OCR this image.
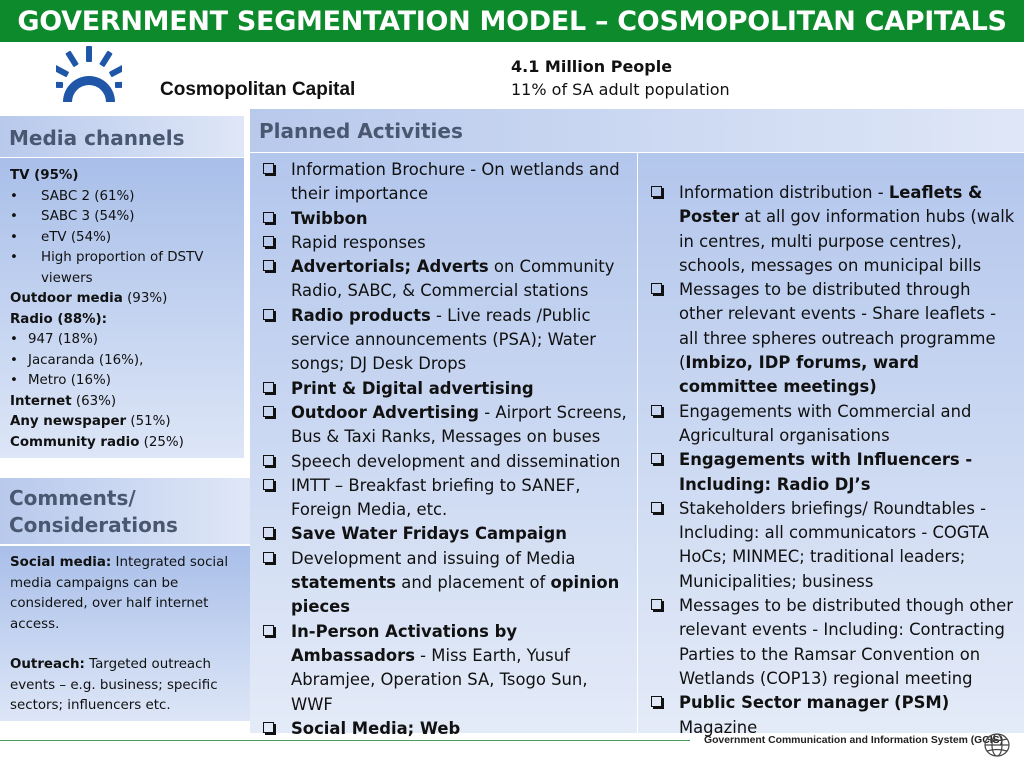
GOVERNMENT SEGMENTATION MODEL – COSMOPOLITAN CAPITALS
Cosmopolitan Capital
4.1 Million People
11% of SA adult population
Media channels
TV (95%)
• SABC 2 (61%)
• SABC 3 (54%)
• eTV (54%)
• High proportion of DSTV viewers
Outdoor media (93%)
Radio (88%):
• 947 (18%)
• Jacaranda (16%),
• Metro (16%)
Internet (63%)
Any newspaper (51%)
Community radio (25%)
Comments/
Considerations
Social media: Integrated social media campaigns can be considered, over half internet access.
Outreach: Targeted outreach events – e.g. business; specific sectors; influencers etc.
Planned Activities
Information Brochure - On wetlands and their importance
Twibbon
Rapid responses
Advertorials; Adverts on Community Radio, SABC, & Commercial stations
Radio products - Live reads /Public service announcements (PSA); Water songs; DJ Desk Drops
Print & Digital advertising
Outdoor Advertising - Airport Screens, Bus & Taxi Ranks, Messages on buses
Speech development and dissemination
IMTT – Breakfast briefing to SANEF, Foreign Media, etc.
Save Water Fridays Campaign
Development and issuing of Media statements and placement of opinion pieces
In-Person Activations by Ambassadors - Miss Earth, Yusuf Abramjee, Operation SA, Tsogo Sun, WWF
Social Media; Web
Information distribution - Leaflets & Poster at all gov information hubs (walk in centres, multi purpose centres), schools, messages on municipal bills
Messages to be distributed through other relevant events - Share leaflets - all three spheres outreach programme (Imbizo, IDP forums, ward committee meetings)
Engagements with Commercial and Agricultural organisations
Engagements with Influencers - Including: Radio DJ’s
Stakeholders briefings/ Roundtables - Including: all communicators - COGTA HoCs; MINMEC; traditional leaders; Municipalities; business
Messages to be distributed though other relevant events - Including: Contracting Parties to the Ramsar Convention on Wetlands (COP13) regional meeting
Public Sector manager (PSM) Magazine
Government Communication and Information System (GCIS)
